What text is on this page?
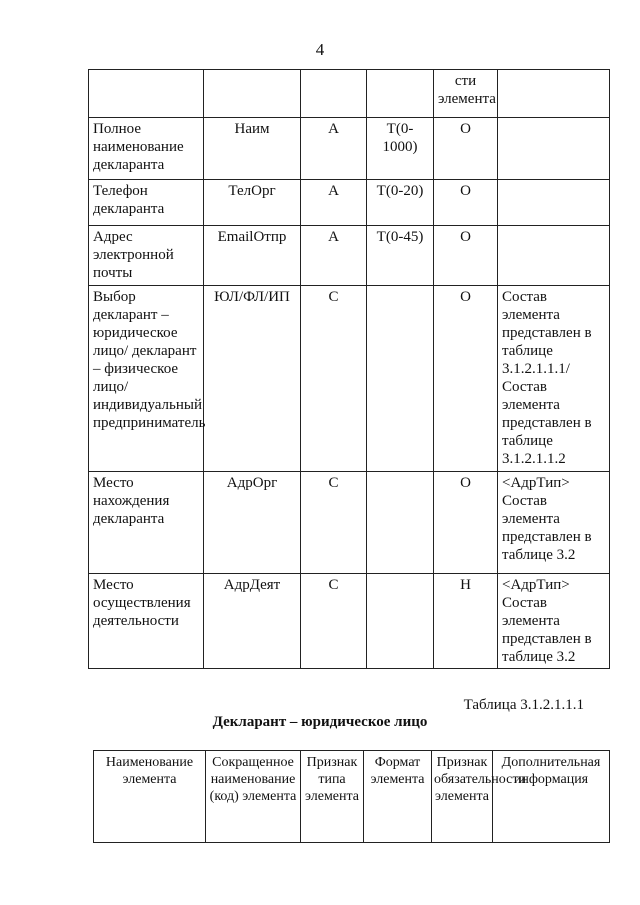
4
				сти элемента	
Полное наименование декларанта	Наим	А	Т(0-1000)	О	
Телефон декларанта	ТелОрг	А	Т(0-20)	О	
Адрес электронной почты	EmailОтпр	А	Т(0-45)	О	
Выбор декларант – юридическое лицо/ декларант – физическое лицо/индивидуальный предприниматель	ЮЛ/ФЛ/ИП	С		О	Состав элемента представлен в таблице 3.1.2.1.1.1/Состав элемента представлен в таблице 3.1.2.1.1.2
Место нахождения декларанта	АдрОрг	С		О	<АдрТип> Состав элемента представлен в таблице 3.2
Место осуществления деятельности	АдрДеят	С		Н	<АдрТип> Состав элемента представлен в таблице 3.2
Таблица 3.1.2.1.1.1
Декларант – юридическое лицо
Наименование элемента	Сокращенное наименование (код) элемента	Признак типа элемента	Формат элемента	Признак обязательности элемента	Дополнительная информация
